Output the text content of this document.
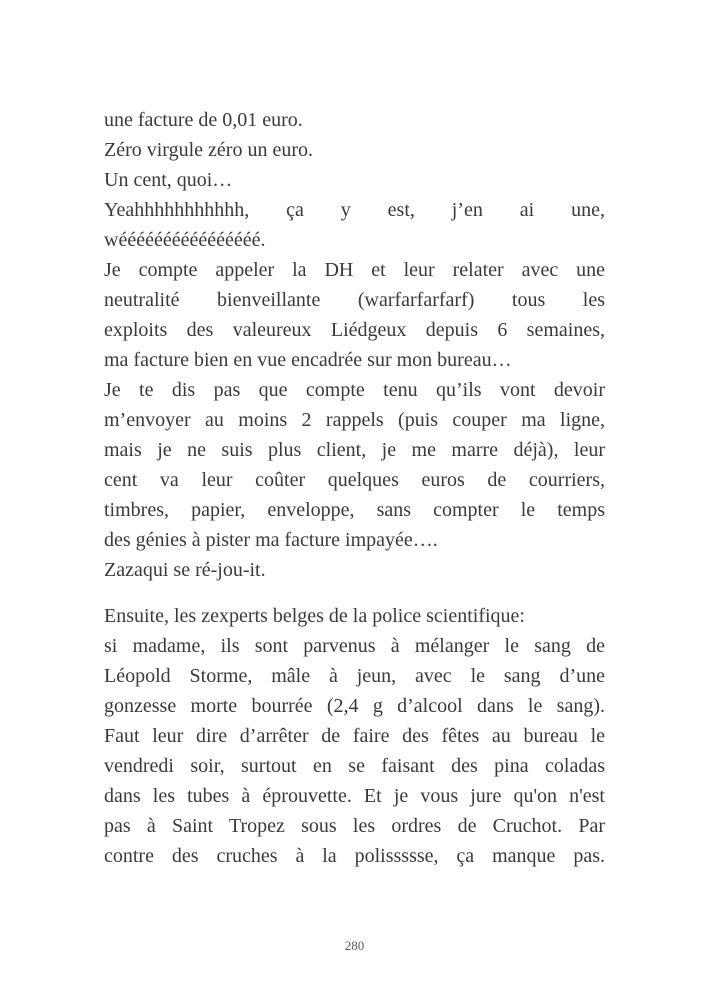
une facture de 0,01 euro.
Zéro virgule zéro un euro.
Un cent, quoi…
Yeahhhhhhhhhhh, ça y est, j’en ai une,
wéééééééééééééééé.
Je compte appeler la DH et leur relater avec une
neutralité bienveillante (warfarfarfarf) tous les
exploits des valeureux Liédgeux depuis 6 semaines,
ma facture bien en vue encadrée sur mon bureau…
Je te dis pas que compte tenu qu’ils vont devoir
m’envoyer au moins 2 rappels (puis couper ma ligne,
mais je ne suis plus client, je me marre déjà), leur
cent va leur coûter quelques euros de courriers,
timbres, papier, enveloppe, sans compter le temps
des génies à pister ma facture impayée….
Zazaqui se ré-jou-it.
Ensuite, les zexperts belges de la police scientifique:
si madame, ils sont parvenus à mélanger le sang de
Léopold Storme, mâle à jeun, avec le sang d’une
gonzesse morte bourrée (2,4 g d’alcool dans le sang).
Faut leur dire d’arrêter de faire des fêtes au bureau le
vendredi soir, surtout en se faisant des pina coladas
dans les tubes à éprouvette. Et je vous jure qu'on n'est
pas à Saint Tropez sous les ordres de Cruchot. Par
contre des cruches à la polissssse, ça manque pas.
280
